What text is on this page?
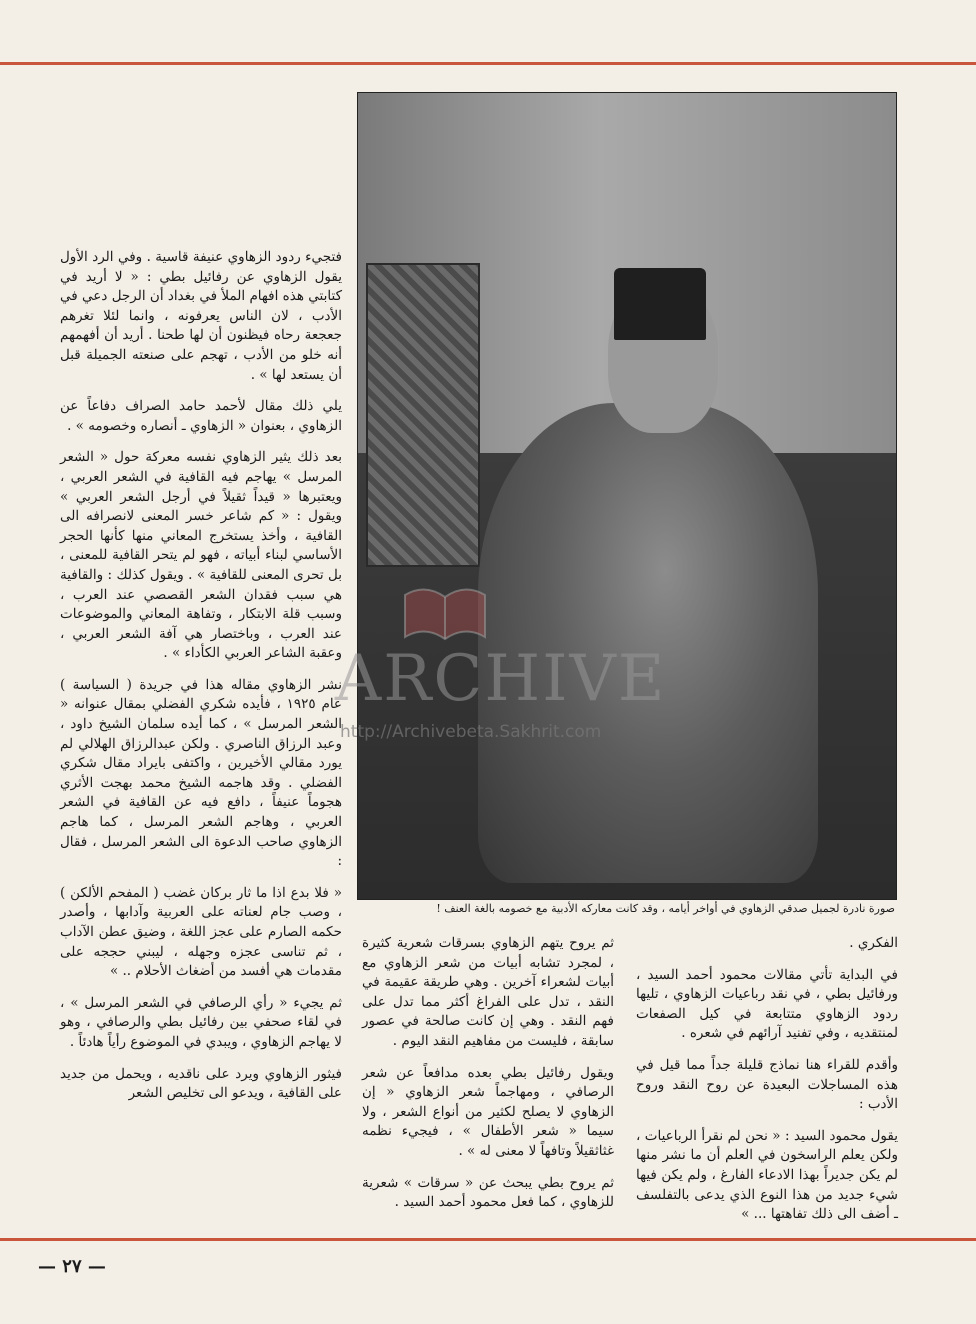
صورة نادرة لجميل صدقي الزهاوي في أواخر أيامه ، وقد كانت معاركه الأدبية مع خصومه بالغة العنف !

فتجيء ردود الزهاوي عنيفة قاسية . وفي الرد الأول يقول الزهاوي عن رفائيل بطي : « لا أريد في كتابتي هذه افهام الملأ في بغداد أن الرجل دعي في الأدب ، لان الناس يعرفونه ، وانما لئلا تغرهم جعجعة رحاه فيظنون أن لها طحنا . أريد أن أفهمهم أنه خلو من الأدب ، تهجم على صنعته الجميلة قبل أن يستعد لها » .

يلي ذلك مقال لأحمد حامد الصراف دفاعاً عن الزهاوي ، بعنوان « الزهاوي ـ أنصاره وخصومه » .

بعد ذلك يثير الزهاوي نفسه معركة حول « الشعر المرسل » يهاجم فيه القافية في الشعر العربي ، ويعتبرها « قيداً ثقيلاً في أرجل الشعر العربي » ويقول : « كم شاعر خسر المعنى لانصرافه الى القافية ، وأخذ يستخرج المعاني منها كأنها الحجر الأساسي لبناء أبياته ، فهو لم يتحر القافية للمعنى ، بل تحرى المعنى للقافية » . ويقول كذلك : والقافية هي سبب فقدان الشعر القصصي عند العرب ، وسبب قلة الابتكار ، وتفاهة المعاني والموضوعات عند العرب ، وباختصار هي آفة الشعر العربي ، وعقبة الشاعر العربي الكأداء » .

نشر الزهاوي مقاله هذا في جريدة ( السياسة ) عام ١٩٢٥ ، فأيده شكري الفضلي بمقال عنوانه « الشعر المرسل » ، كما أيده سلمان الشيخ داود ، وعبد الرزاق الناصري . ولكن عبدالرزاق الهلالي لم يورد مقالي الأخيرين ، واكتفى بايراد مقال شكري الفضلي . وقد هاجمه الشيخ محمد بهجت الأثري هجوماً عنيفاً ، دافع فيه عن القافية في الشعر العربي ، وهاجم الشعر المرسل ، كما هاجم الزهاوي صاحب الدعوة الى الشعر المرسل ، فقال :

« فلا بدع اذا ما ثار بركان غضب ( المفحم الألكن ) ، وصب جام لعناته على العربية وآدابها ، وأصدر حكمه الصارم على عجز اللغة ، وضيق عطن الآداب ، ثم تناسى عجزه وجهله ، ليبني حججه على مقدمات هي أفسد من أضغاث الأحلام .. »

ثم يجيء « رأي الرصافي في الشعر المرسل » ، في لقاء صحفي بين رفائيل بطي والرصافي ، وهو لا يهاجم الزهاوي ، ويبدي في الموضوع رأياً هادئاً .

فيثور الزهاوي ويرد على ناقديه ، ويحمل من جديد على القافية ، ويدعو الى تخليص الشعر

ثم يروح يتهم الزهاوي بسرقات شعرية كثيرة ، لمجرد تشابه أبيات من شعر الزهاوي مع أبيات لشعراء آخرين . وهي طريقة عقيمة في النقد ، تدل على الفراغ أكثر مما تدل على فهم النقد . وهي إن كانت صالحة في عصور سابقة ، فليست من مفاهيم النقد اليوم .

ويقول رفائيل بطي بعده مدافعاً عن شعر الرصافي ، ومهاجماً شعر الزهاوي « إن الزهاوي لا يصلح لكثير من أنواع الشعر ، ولا سيما « شعر الأطفال » ، فيجيء نظمه غثاثقيلاً وتافهاً لا معنى له » .

ثم يروح بطي يبحث عن « سرقات » شعرية للزهاوي ، كما فعل محمود أحمد السيد .

الفكري .

في البداية تأتي مقالات محمود أحمد السيد ، ورفائيل بطي ، في نقد رباعيات الزهاوي ، تليها ردود الزهاوي متتابعة في كيل الصفعات لمنتقديه ، وفي تفنيد آرائهم في شعره .

وأقدم للقراء هنا نماذج قليلة جداً مما قيل في هذه المساجلات البعيدة عن روح النقد وروح الأدب :

يقول محمود السيد : « نحن لم نقرأ الرباعيات ، ولكن يعلم الراسخون في العلم أن ما نشر منها لم يكن جديراً بهذا الادعاء الفارغ ، ولم يكن فيها شيء جديد من هذا النوع الذي يدعى بالتفلسف ـ أضف الى ذلك تفاهتها ... »

ARCHIVE
http://Archivebeta.Sakhrit.com
— ٢٧ —
